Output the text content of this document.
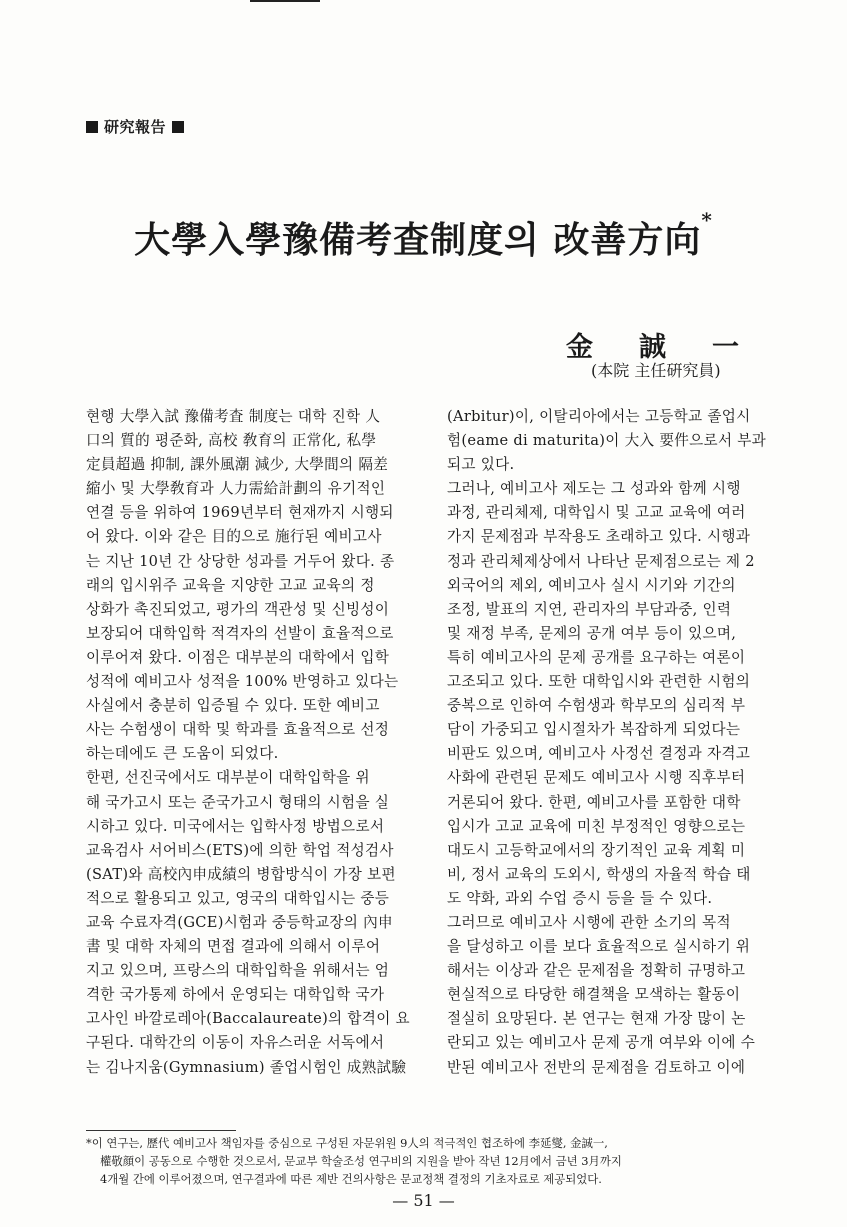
研究報告
大學入學豫備考査制度의 改善方向*
金誠一
(本院 主任硏究員)

현행 大學入試 豫備考査 制度는 대학 진학 人
口의 質的 평준화, 高校 敎育의 正常化, 私學
定員超過 抑制, 課外風潮 減少, 大學間의 隔差
縮小 및 大學敎育과 人力需給計劃의 유기적인
연결 등을 위하여 1969년부터 현재까지 시행되
어 왔다. 이와 같은 目的으로 施行된 예비고사
는 지난 10년 간 상당한 성과를 거두어 왔다. 종
래의 입시위주 교육을 지양한 고교 교육의 정
상화가 촉진되었고, 평가의 객관성 및 신빙성이
보장되어 대학입학 적격자의 선발이 효율적으로
이루어져 왔다. 이점은 대부분의 대학에서 입학
성적에 예비고사 성적을 100% 반영하고 있다는
사실에서 충분히 입증될 수 있다. 또한 예비고
사는 수험생이 대학 및 학과를 효율적으로 선정
하는데에도 큰 도움이 되었다.
한편, 선진국에서도 대부분이 대학입학을 위
해 국가고시 또는 준국가고시 형태의 시험을 실
시하고 있다. 미국에서는 입학사정 방법으로서
교육검사 서어비스(ETS)에 의한 학업 적성검사
(SAT)와 高校內申成績의 병합방식이 가장 보편
적으로 활용되고 있고, 영국의 대학입시는 중등
교육 수료자격(GCE)시험과 중등학교장의 內申
書 및 대학 자체의 면접 결과에 의해서 이루어
지고 있으며, 프랑스의 대학입학을 위해서는 엄
격한 국가통제 하에서 운영되는 대학입학 국가
고사인 바깔로레아(Baccalaureate)의 합격이 요
구된다. 대학간의 이동이 자유스러운 서독에서
는 김나지움(Gymnasium) 졸업시험인 成熟試驗

(Arbitur)이, 이탈리아에서는 고등학교 졸업시
험(eame di maturita)이 大入 要件으로서 부과
되고 있다.
그러나, 예비고사 제도는 그 성과와 함께 시행
과정, 관리체제, 대학입시 및 고교 교육에 여러
가지 문제점과 부작용도 초래하고 있다. 시행과
정과 관리체제상에서 나타난 문제점으로는 제 2
외국어의 제외, 예비고사 실시 시기와 기간의
조정, 발표의 지연, 관리자의 부담과중, 인력
및 재정 부족, 문제의 공개 여부 등이 있으며,
특히 예비고사의 문제 공개를 요구하는 여론이
고조되고 있다. 또한 대학입시와 관련한 시험의
중복으로 인하여 수험생과 학부모의 심리적 부
담이 가중되고 입시절차가 복잡하게 되었다는
비판도 있으며, 예비고사 사정선 결정과 자격고
사화에 관련된 문제도 예비고사 시행 직후부터
거론되어 왔다. 한편, 예비고사를 포함한 대학
입시가 고교 교육에 미친 부정적인 영향으로는
대도시 고등학교에서의 장기적인 교육 계획 미
비, 정서 교육의 도외시, 학생의 자율적 학습 태
도 약화, 과외 수업 증시 등을 들 수 있다.
그러므로 예비고사 시행에 관한 소기의 목적
을 달성하고 이를 보다 효율적으로 실시하기 위
해서는 이상과 같은 문제점을 정확히 규명하고
현실적으로 타당한 해결책을 모색하는 활동이
절실히 요망된다. 본 연구는 현재 가장 많이 논
란되고 있는 예비고사 문제 공개 여부와 이에 수
반된 예비고사 전반의 문제점을 검토하고 이에

*이 연구는, 歷代 예비고사 책임자를 중심으로 구성된 자문위원 9人의 적극적인 협조하에 李延燮, 金誠一,
權敬顔이 공동으로 수행한 것으로서, 문교부 학술조성 연구비의 지원을 받아 작년 12月에서 금년 3月까지
4개월 간에 이루어졌으며, 연구결과에 따른 제반 건의사항은 문교정책 결정의 기초자료로 제공되었다.
— 51 —
